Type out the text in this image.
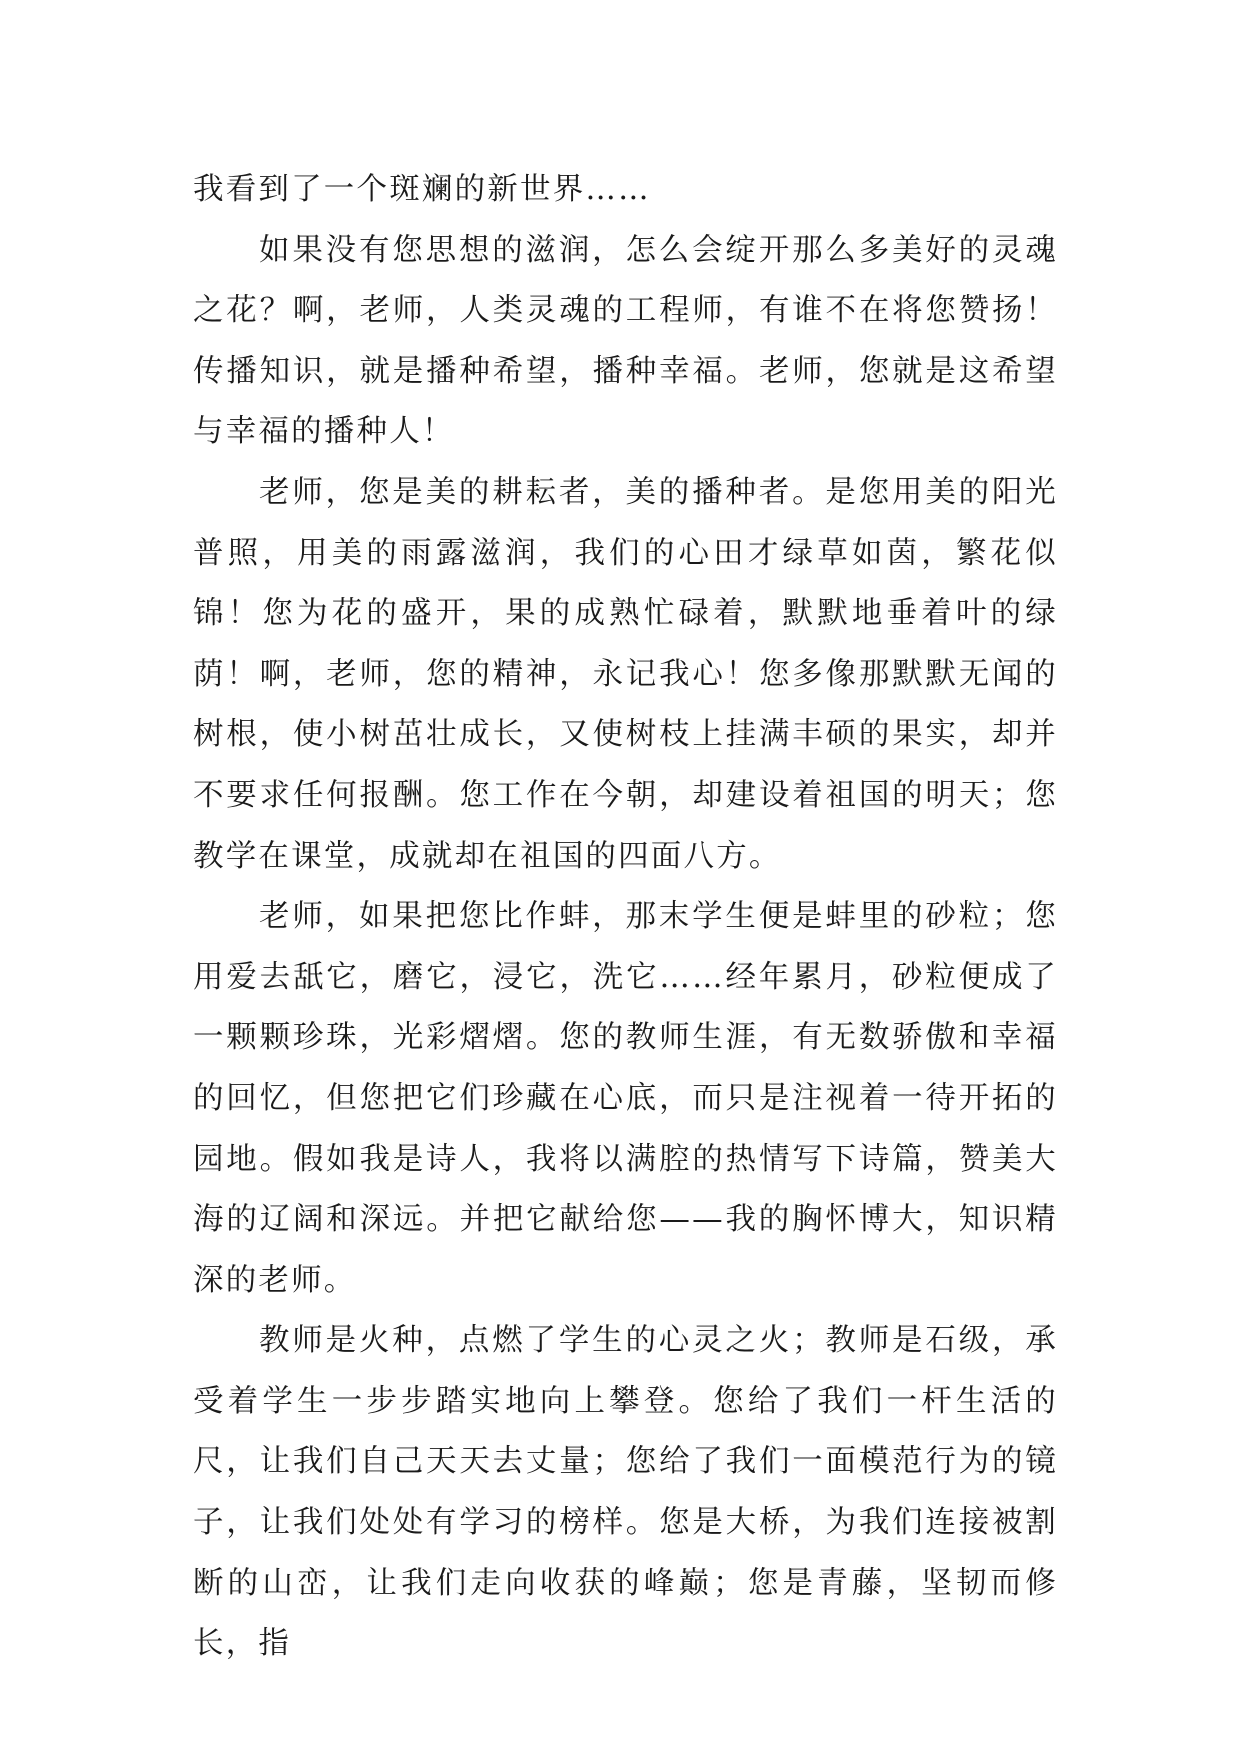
我看到了一个斑斓的新世界……

如果没有您思想的滋润，怎么会绽开那么多美好的灵魂之花？啊，老师，人类灵魂的工程师，有谁不在将您赞扬！传播知识，就是播种希望，播种幸福。老师，您就是这希望与幸福的播种人！

老师，您是美的耕耘者，美的播种者。是您用美的阳光普照，用美的雨露滋润，我们的心田才绿草如茵，繁花似锦！您为花的盛开，果的成熟忙碌着，默默地垂着叶的绿荫！啊，老师，您的精神，永记我心！您多像那默默无闻的树根，使小树茁壮成长，又使树枝上挂满丰硕的果实，却并不要求任何报酬。您工作在今朝，却建设着祖国的明天；您教学在课堂，成就却在祖国的四面八方。

老师，如果把您比作蚌，那末学生便是蚌里的砂粒；您用爱去舐它，磨它，浸它，洗它……经年累月，砂粒便成了一颗颗珍珠，光彩熠熠。您的教师生涯，有无数骄傲和幸福的回忆，但您把它们珍藏在心底，而只是注视着一待开拓的园地。假如我是诗人，我将以满腔的热情写下诗篇，赞美大海的辽阔和深远。并把它献给您——我的胸怀博大，知识精深的老师。

教师是火种，点燃了学生的心灵之火；教师是石级，承受着学生一步步踏实地向上攀登。您给了我们一杆生活的尺，让我们自己天天去丈量；您给了我们一面模范行为的镜子，让我们处处有学习的榜样。您是大桥，为我们连接被割断的山峦，让我们走向收获的峰巅；您是青藤，坚韧而修长，指
